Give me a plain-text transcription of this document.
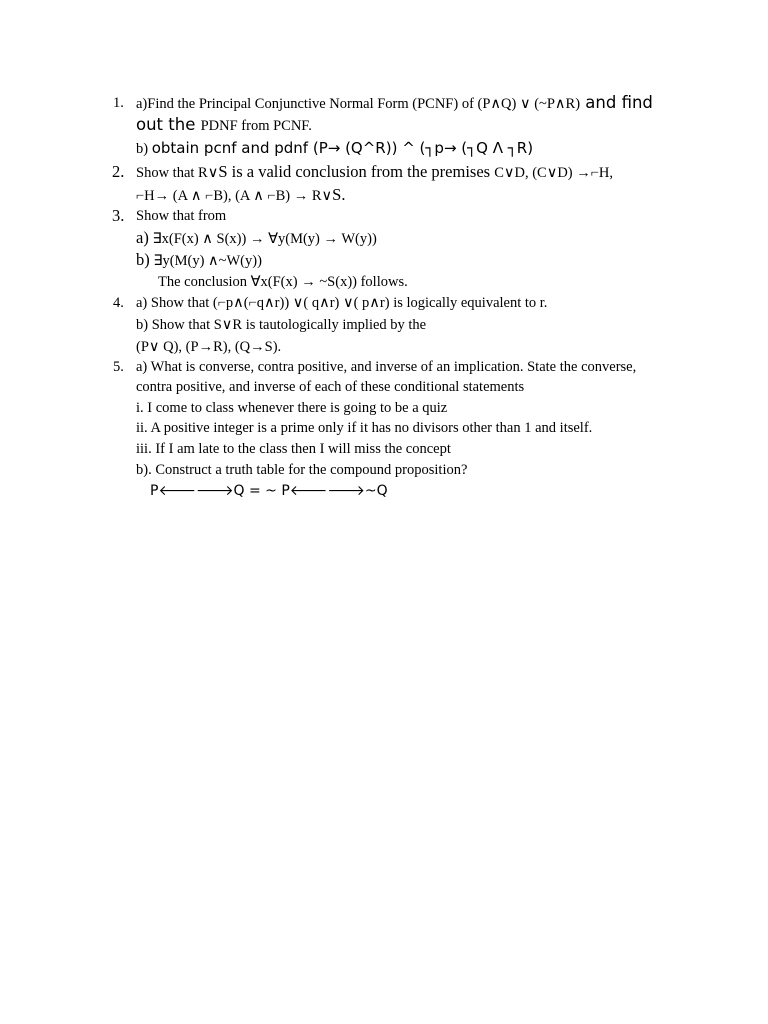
1. a)Find the Principal Conjunctive Normal Form (PCNF) of (P∧Q) ∨ (~P∧R) and find
out the PDNF from PCNF.
b) obtain pcnf and pdnf (P→ (Q^R)) ^ (┐p→ (┐Q Λ ┐R)
2. Show that R∨S is a valid conclusion from the premises C∨D, (C∨D) →⌐H,
⌐H→ (A ∧ ⌐B), (A ∧ ⌐B) → R∨S.
3. Show that from
a) ∃x(F(x) ∧ S(x)) → ∀y(M(y) → W(y))
b) ∃y(M(y) ∧~W(y))
The conclusion ∀x(F(x) → ~S(x)) follows.
4. a) Show that (⌐p∧(⌐q∧r)) ∨( q∧r) ∨( p∧r) is logically equivalent to r.
b) Show that S∨R is tautologically implied by the
(P∨ Q), (P→R), (Q→S).
5. a) What is converse, contra positive, and inverse of an implication. State the converse,
contra positive, and inverse of each of these conditional statements
i. I come to class whenever there is going to be a quiz
ii. A positive integer is a prime only if it has no divisors other than 1 and itself.
iii. If I am late to the class then I will miss the concept
b). Construct a truth table for the compound proposition?
P🡐🡒Q = ~ P🡐🡒~Q
